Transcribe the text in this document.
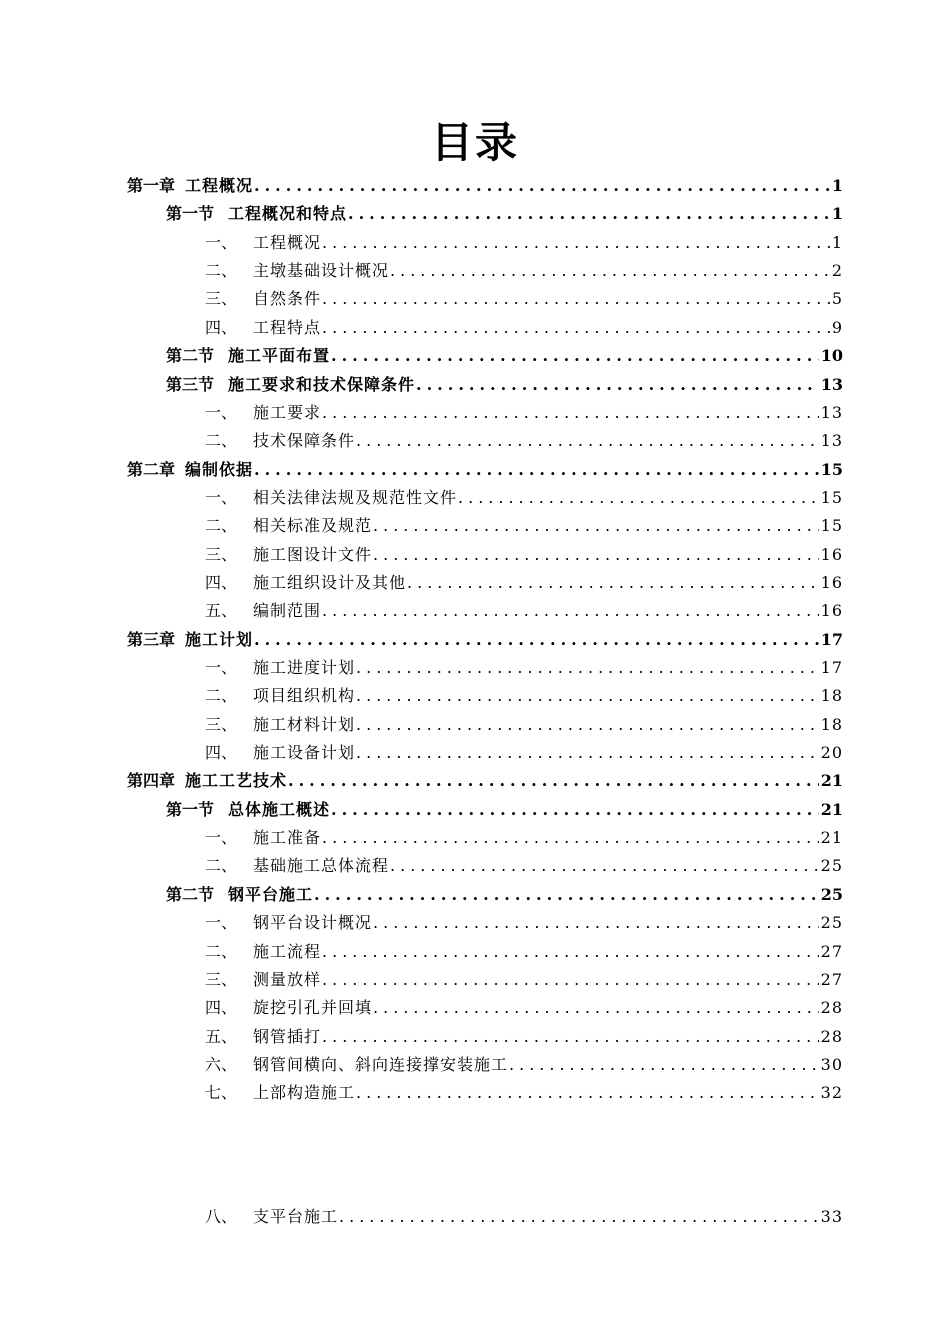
目录
第一章 工程概况 .....	1
第一节 工程概况和特点 .....	1
一、 工程概况 .....	1
二、 主墩基础设计概况 .....	2
三、 自然条件 .....	5
四、 工程特点 .....	9
第二节 施工平面布置 .....	10
第三节 施工要求和技术保障条件 .....	13
一、 施工要求 .....	13
二、 技术保障条件 .....	13
第二章 编制依据 .....	15
一、 相关法律法规及规范性文件 .....	15
二、 相关标准及规范 .....	15
三、 施工图设计文件 .....	16
四、 施工组织设计及其他 .....	16
五、 编制范围 .....	16
第三章 施工计划 .....	17
一、 施工进度计划 .....	17
二、 项目组织机构 .....	18
三、 施工材料计划 .....	18
四、 施工设备计划 .....	20
第四章 施工工艺技术 .....	21
第一节 总体施工概述 .....	21
一、 施工准备 .....	21
二、 基础施工总体流程 .....	25
第二节 钢平台施工 .....	25
一、 钢平台设计概况 .....	25
二、 施工流程 .....	27
三、 测量放样 .....	27
四、 旋挖引孔并回填 .....	28
五、 钢管插打 .....	28
六、 钢管间横向、斜向连接撑安装施工 .....	30
七、 上部构造施工 .....	32
八、 支平台施工 .....	33
